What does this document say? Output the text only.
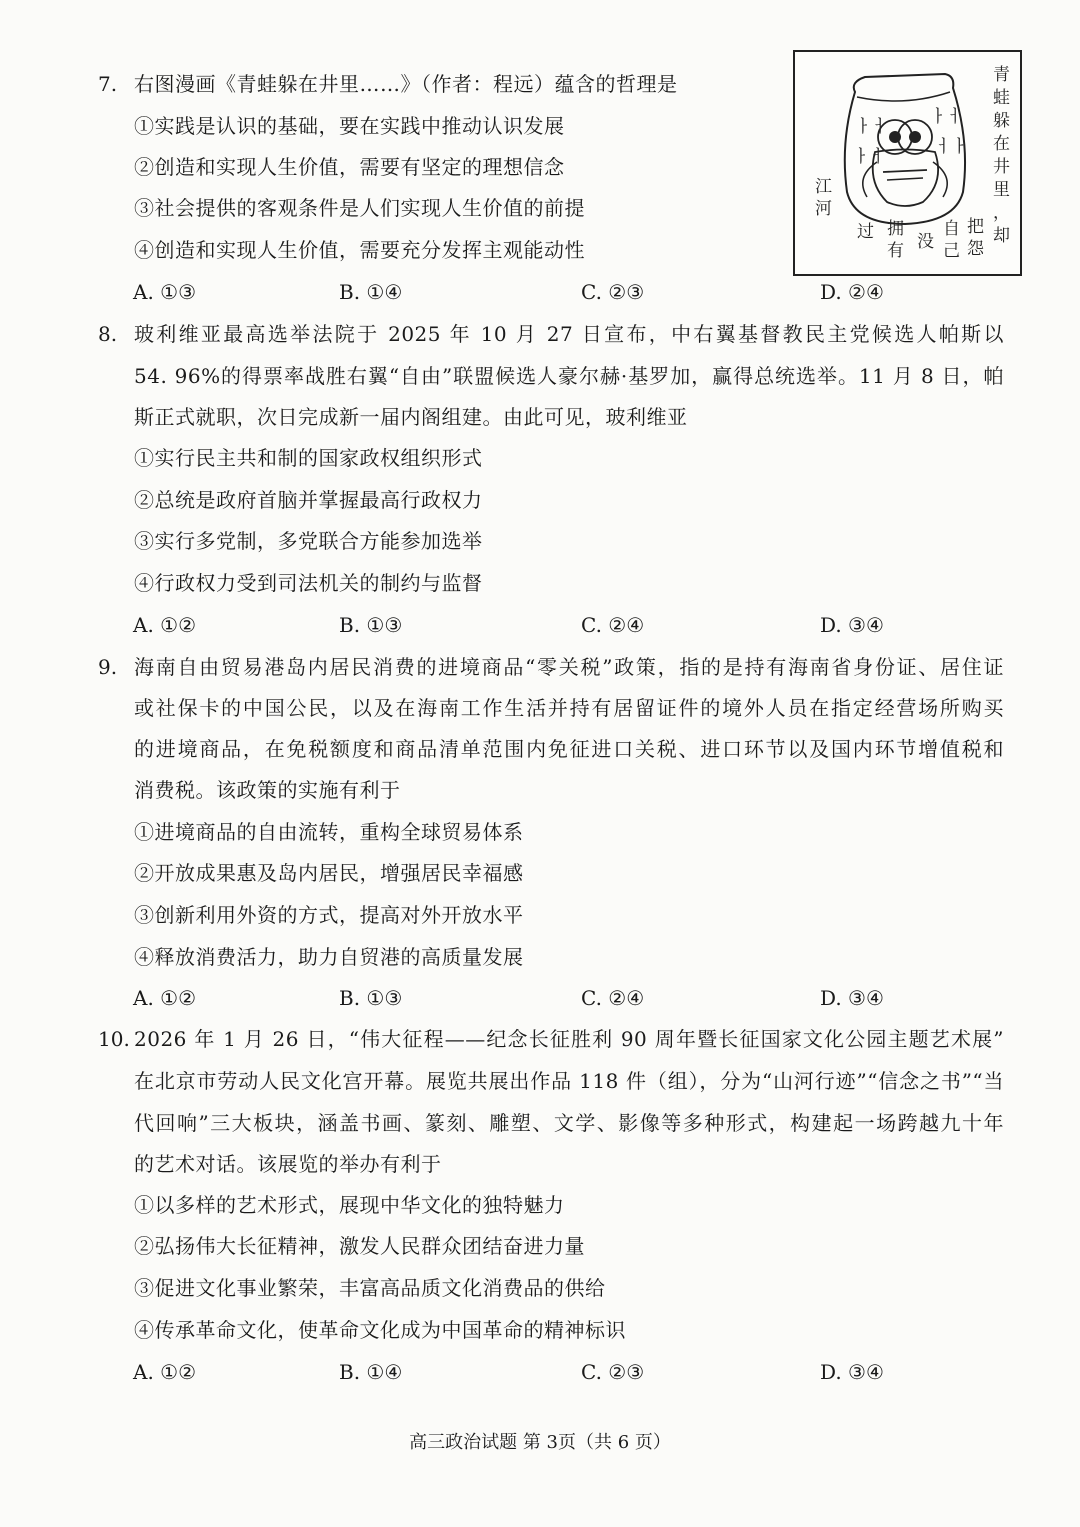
ㅏㅓ
ㅏㅓ
ㅏㅓ
ㅓㅏ
青
蛙
躲
在
井
里
，
却
把
怨
自
己
没
拥
有
过
江
河
7. 右图漫画《青蛙躲在井里……》（作者：程远）蕴含的哲理是
①实践是认识的基础，要在实践中推动认识发展
②创造和实现人生价值，需要有坚定的理想信念
③社会提供的客观条件是人们实现人生价值的前提
④创造和实现人生价值，需要充分发挥主观能动性
A. ①③	B. ①④	C. ②③	D. ②④
8. 玻利维亚最高选举法院于 2025 年 10 月 27 日宣布，中右翼基督教民主党候选人帕斯以
54. 96%的得票率战胜右翼“自由”联盟候选人豪尔赫·基罗加，赢得总统选举。11 月 8 日，帕
斯正式就职，次日完成新一届内阁组建。由此可见，玻利维亚
①实行民主共和制的国家政权组织形式
②总统是政府首脑并掌握最高行政权力
③实行多党制，多党联合方能参加选举
④行政权力受到司法机关的制约与监督
A. ①②	B. ①③	C. ②④	D. ③④
9. 海南自由贸易港岛内居民消费的进境商品“零关税”政策，指的是持有海南省身份证、居住证
或社保卡的中国公民，以及在海南工作生活并持有居留证件的境外人员在指定经营场所购买
的进境商品，在免税额度和商品清单范围内免征进口关税、进口环节以及国内环节增值税和
消费税。该政策的实施有利于
①进境商品的自由流转，重构全球贸易体系
②开放成果惠及岛内居民，增强居民幸福感
③创新利用外资的方式，提高对外开放水平
④释放消费活力，助力自贸港的高质量发展
A. ①②	B. ①③	C. ②④	D. ③④
10. 2026 年 1 月 26 日，“伟大征程——纪念长征胜利 90 周年暨长征国家文化公园主题艺术展”
在北京市劳动人民文化宫开幕。展览共展出作品 118 件（组），分为“山河行迹”“信念之书”“当
代回响”三大板块，涵盖书画、篆刻、雕塑、文学、影像等多种形式，构建起一场跨越九十年
的艺术对话。该展览的举办有利于
①以多样的艺术形式，展现中华文化的独特魅力
②弘扬伟大长征精神，激发人民群众团结奋进力量
③促进文化事业繁荣，丰富高品质文化消费品的供给
④传承革命文化，使革命文化成为中国革命的精神标识
A. ①②	B. ①④	C. ②③	D. ③④
高三政治试题 第 3页（共 6 页）
